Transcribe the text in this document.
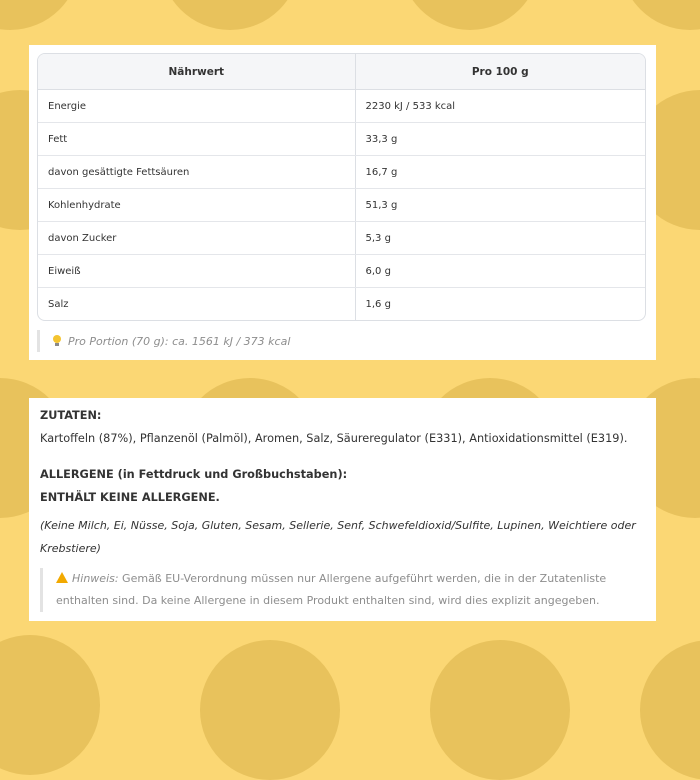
Nährwert	Pro 100 g
Energie	2230 kJ / 533 kcal
Fett	33,3 g
davon gesättigte Fettsäuren	16,7 g
Kohlenhydrate	51,3 g
davon Zucker	5,3 g
Eiweiß	6,0 g
Salz	1,6 g
Pro Portion (70 g): ca. 1561 kJ / 373 kcal
ZUTATEN:
Kartoffeln (87%), Pflanzenöl (Palmöl), Aromen, Salz, Säureregulator (E331), Antioxidationsmittel (E319).
ALLERGENE (in Fettdruck und Großbuchstaben):
ENTHÄLT KEINE ALLERGENE.
(Keine Milch, Ei, Nüsse, Soja, Gluten, Sesam, Sellerie, Senf, Schwefeldioxid/Sulfite, Lupinen, Weichtiere oder Krebstiere)
Hinweis: Gemäß EU-Verordnung müssen nur Allergene aufgeführt werden, die in der Zutatenliste enthalten sind. Da keine Allergene in diesem Produkt enthalten sind, wird dies explizit angegeben.
